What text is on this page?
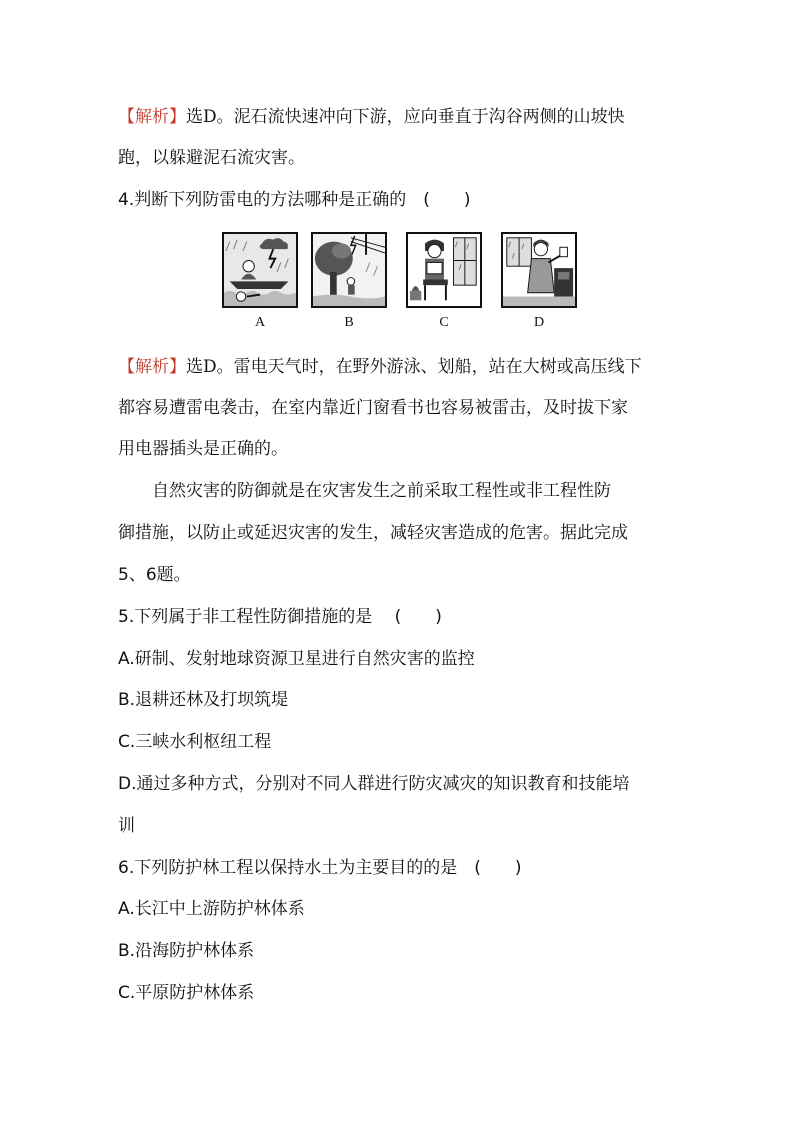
【解析】选D。泥石流快速冲向下游，应向垂直于沟谷两侧的山坡快
跑，以躲避泥石流灾害。
4.判断下列防雷电的方法哪种是正确的　(　　)
A	B	C	D
【解析】选D。雷电天气时，在野外游泳、划船，站在大树或高压线下
都容易遭雷电袭击，在室内靠近门窗看书也容易被雷击，及时拔下家
用电器插头是正确的。
自然灾害的防御就是在灾害发生之前采取工程性或非工程性防
御措施，以防止或延迟灾害的发生，减轻灾害造成的危害。据此完成
5、6题。
5.下列属于非工程性防御措施的是　 (　　)
A.研制、发射地球资源卫星进行自然灾害的监控
B.退耕还林及打坝筑堤
C.三峡水利枢纽工程
D.通过多种方式，分别对不同人群进行防灾减灾的知识教育和技能培
训
6.下列防护林工程以保持水土为主要目的的是　(　　)
A.长江中上游防护林体系
B.沿海防护林体系
C.平原防护林体系
